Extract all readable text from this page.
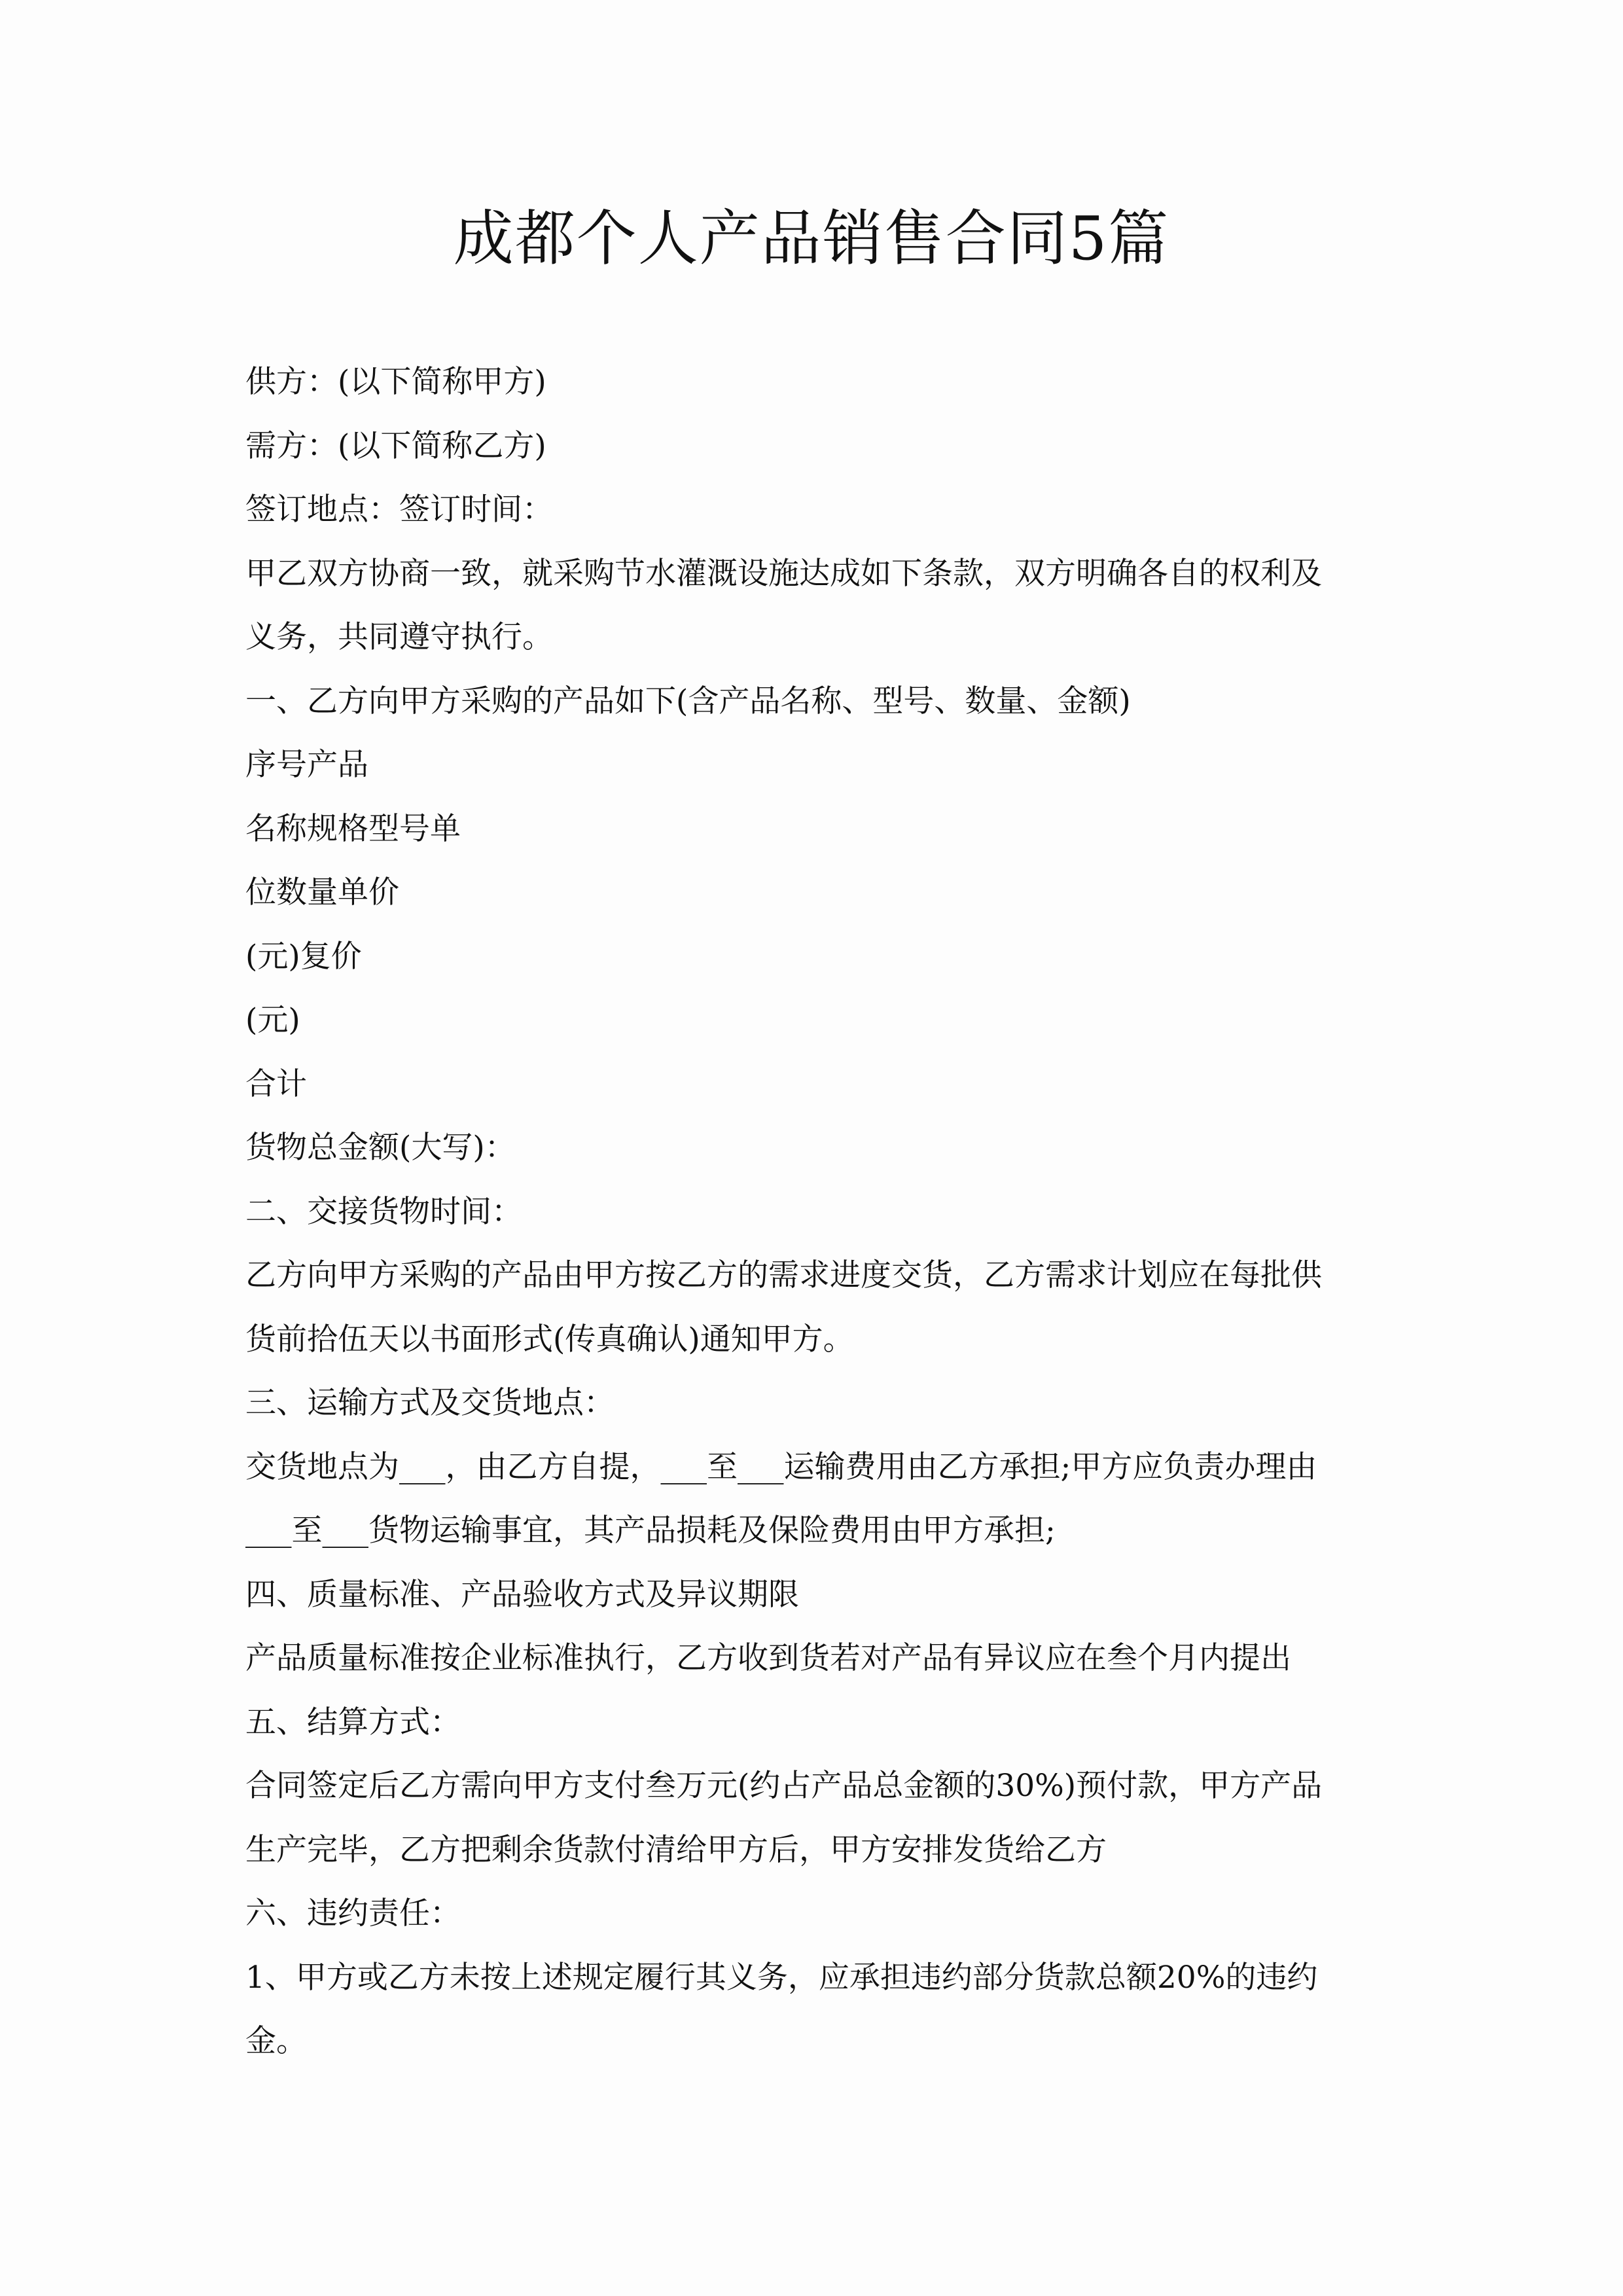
成都个人产品销售合同5篇

供方：(以下简称甲方)

需方：(以下简称乙方)

签订地点：签订时间：

甲乙双方协商一致，就采购节水灌溉设施达成如下条款，双方明确各自的权利及

义务，共同遵守执行。

一、乙方向甲方采购的产品如下(含产品名称、型号、数量、金额)

序号产品

名称规格型号单

位数量单价

(元)复价

(元)

合计

货物总金额(大写)：

二、交接货物时间：

乙方向甲方采购的产品由甲方按乙方的需求进度交货，乙方需求计划应在每批供

货前拾伍天以书面形式(传真确认)通知甲方。

三、运输方式及交货地点：

交货地点为___，由乙方自提，___至___运输费用由乙方承担;甲方应负责办理由

___至___货物运输事宜，其产品损耗及保险费用由甲方承担;

四、质量标准、产品验收方式及异议期限

产品质量标准按企业标准执行，乙方收到货若对产品有异议应在叁个月内提出

五、结算方式：

合同签定后乙方需向甲方支付叁万元(约占产品总金额的30%)预付款，甲方产品

生产完毕，乙方把剩余货款付清给甲方后，甲方安排发货给乙方

六、违约责任：

1、甲方或乙方未按上述规定履行其义务，应承担违约部分货款总额20%的违约

金。
